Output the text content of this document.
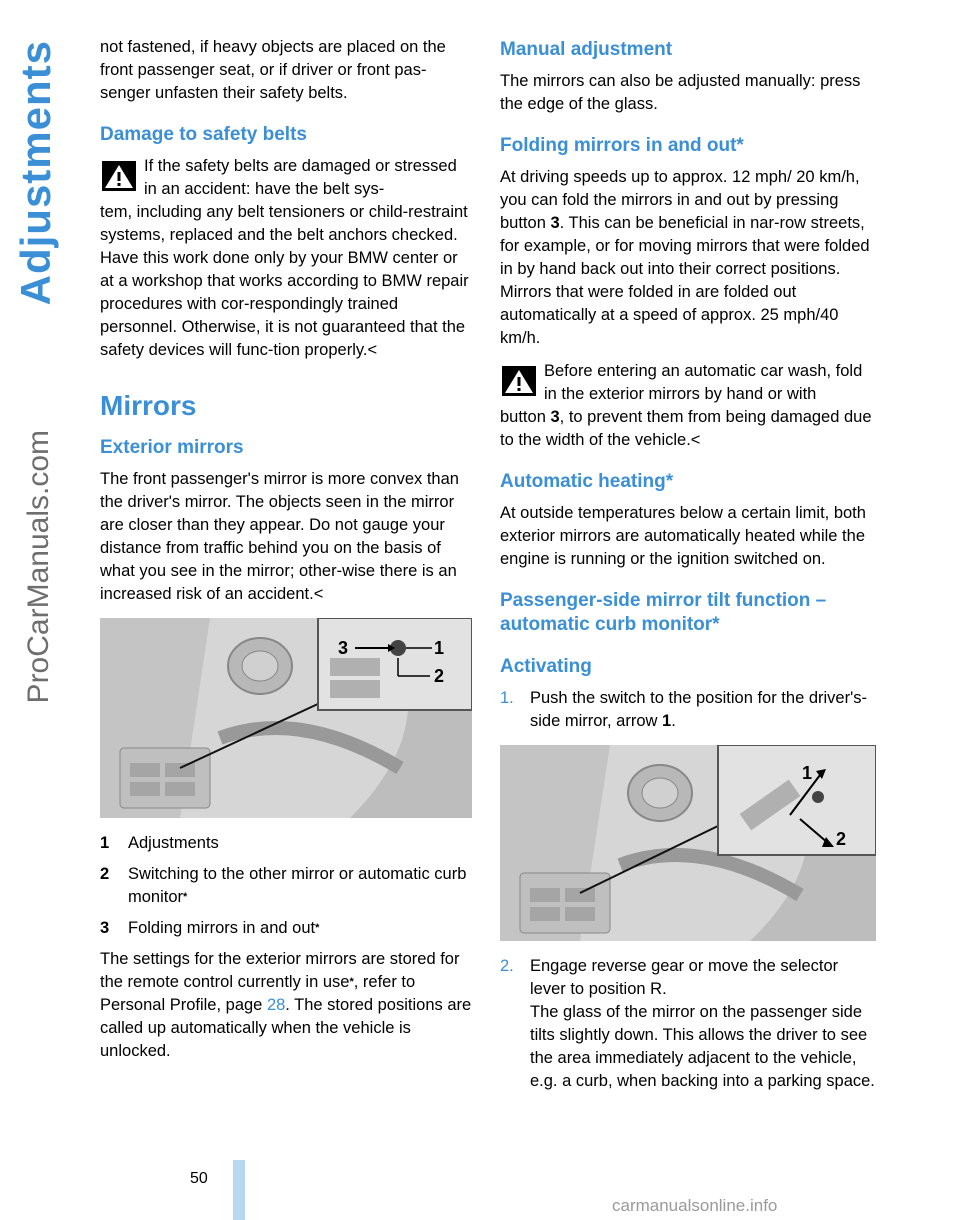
Adjustments
ProCarManuals.com

not fastened, if heavy objects are placed on the front passenger seat, or if driver or front pas-senger unfasten their safety belts.

Damage to safety belts

If the safety belts are damaged or stressed in an accident: have the belt sys-

tem, including any belt tensioners or child-restraint systems, replaced and the belt anchors checked. Have this work done only by your BMW center or at a workshop that works according to BMW repair procedures with cor-respondingly trained personnel. Otherwise, it is not guaranteed that the safety devices will func-tion properly.<

Mirrors
Exterior mirrors

The front passenger's mirror is more convex than the driver's mirror. The objects seen in the mirror are closer than they appear. Do not gauge your distance from traffic behind you on the basis of what you see in the mirror; other-wise there is an increased risk of an accident.<

3	1
2
1	Adjustments
2	Switching to the other mirror or automatic curb monitor*
3	Folding mirrors in and out*

The settings for the exterior mirrors are stored for the remote control currently in use*, refer to Personal Profile, page 28. The stored positions are called up automatically when the vehicle is unlocked.

Manual adjustment

The mirrors can also be adjusted manually: press the edge of the glass.

Folding mirrors in and out*

At driving speeds up to approx. 12 mph/ 20 km/h, you can fold the mirrors in and out by pressing button 3. This can be beneficial in nar-row streets, for example, or for moving mirrors that were folded in by hand back out into their correct positions. Mirrors that were folded in are folded out automatically at a speed of approx. 25 mph/40 km/h.

Before entering an automatic car wash, fold in the exterior mirrors by hand or with

button 3, to prevent them from being damaged due to the width of the vehicle.<

Automatic heating*

At outside temperatures below a certain limit, both exterior mirrors are automatically heated while the engine is running or the ignition switched on.

Passenger-side mirror tilt function – automatic curb monitor*
Activating
1. Push the switch to the position for the driver's-side mirror, arrow 1.
1
2
2. Engage reverse gear or move the selector lever to position R.
The glass of the mirror on the passenger side tilts slightly down. This allows the driver to see the area immediately adjacent to the vehicle, e.g. a curb, when backing into a parking space.
50
carmanualsonline.info
